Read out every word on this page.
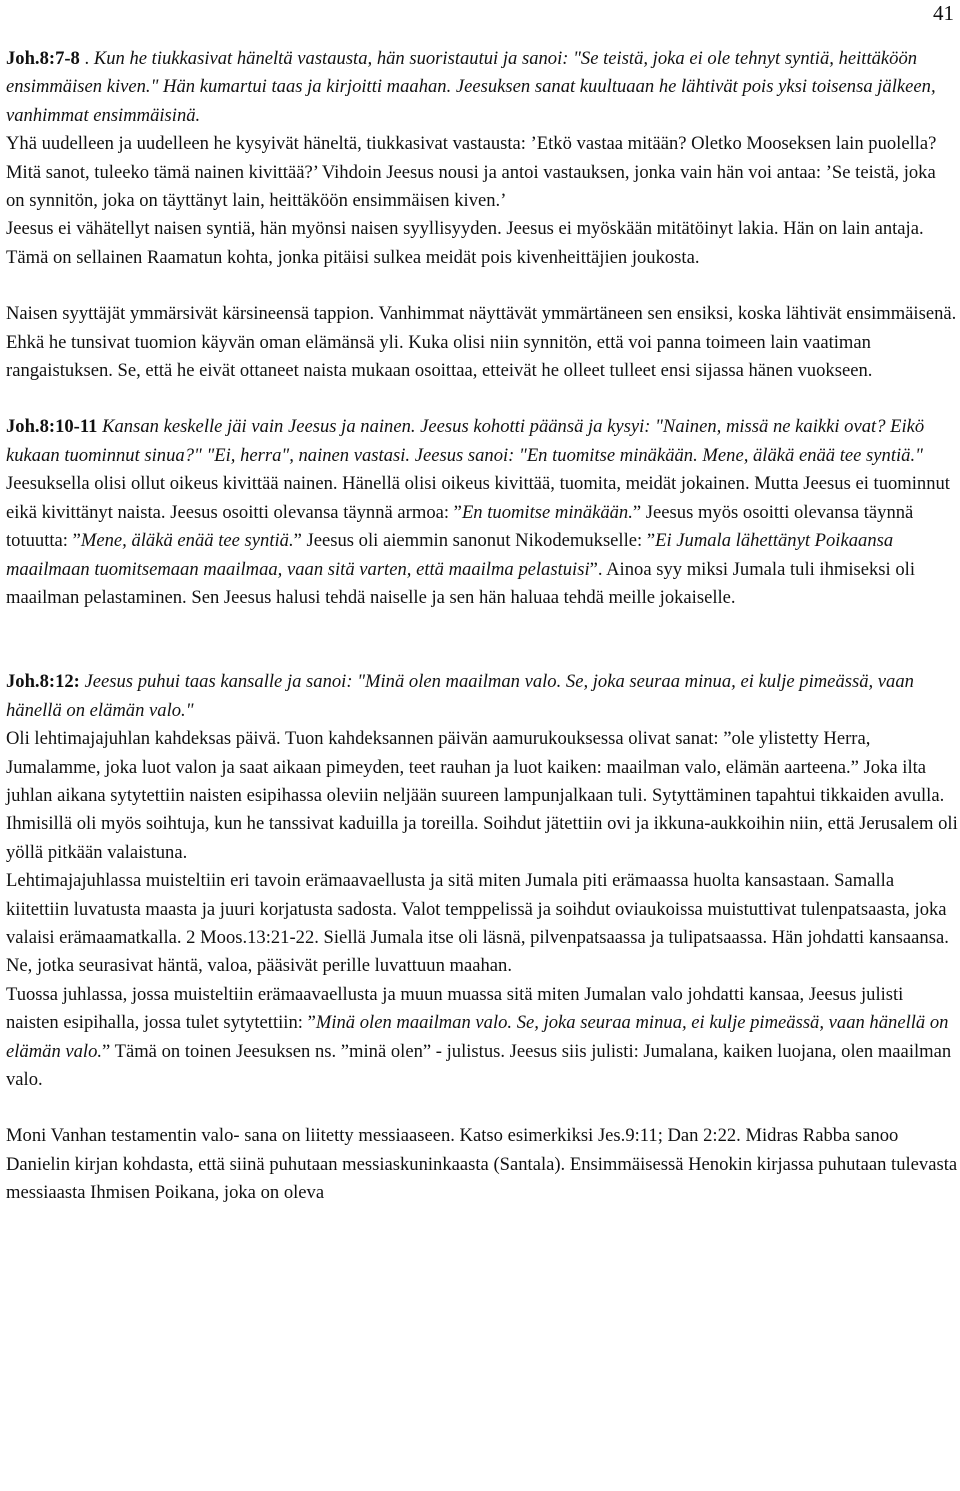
41

Joh.8:7-8 . Kun he tiukkasivat häneltä vastausta, hän suoristautui ja sanoi: "Se teistä, joka ei ole tehnyt syntiä, heittäköön ensimmäisen kiven." Hän kumartui taas ja kirjoitti maahan. Jeesuksen sanat kuultuaan he lähtivät pois yksi toisensa jälkeen, vanhimmat ensimmäisinä.

Yhä uudelleen ja uudelleen he kysyivät häneltä, tiukkasivat vastausta: ’Etkö vastaa mitään? Oletko Mooseksen lain puolella? Mitä sanot, tuleeko tämä nainen kivittää?’ Vihdoin Jeesus nousi ja antoi vastauksen, jonka vain hän voi antaa: ’Se teistä, joka on synnitön, joka on täyttänyt lain, heittäköön ensimmäisen kiven.’

Jeesus ei vähätellyt naisen syntiä, hän myönsi naisen syyllisyyden. Jeesus ei myöskään mitätöinyt lakia. Hän on lain antaja.

Tämä on sellainen Raamatun kohta, jonka pitäisi sulkea meidät pois kivenheittäjien joukosta.

Naisen syyttäjät ymmärsivät kärsineensä tappion. Vanhimmat näyttävät ymmärtäneen sen ensiksi, koska lähtivät ensimmäisenä. Ehkä he tunsivat tuomion käyvän oman elämänsä yli. Kuka olisi niin synnitön, että voi panna toimeen lain vaatiman rangaistuksen. Se, että he eivät ottaneet naista mukaan osoittaa, etteivät he olleet tulleet ensi sijassa hänen vuokseen.

Joh.8:10-11 Kansan keskelle jäi vain Jeesus ja nainen. Jeesus kohotti päänsä ja kysyi: "Nainen, missä ne kaikki ovat? Eikö kukaan tuominnut sinua?" "Ei, herra", nainen vastasi. Jeesus sanoi: "En tuomitse minäkään. Mene, äläkä enää tee syntiä."

Jeesuksella olisi ollut oikeus kivittää nainen. Hänellä olisi oikeus kivittää, tuomita, meidät jokainen. Mutta Jeesus ei tuominnut eikä kivittänyt naista. Jeesus osoitti olevansa täynnä armoa: ”En tuomitse minäkään.” Jeesus myös osoitti olevansa täynnä totuutta: ”Mene, äläkä enää tee syntiä.” Jeesus oli aiemmin sanonut Nikodemukselle: ”Ei Jumala lähettänyt Poikaansa maailmaan tuomitsemaan maailmaa, vaan sitä varten, että maailma pelastuisi”. Ainoa syy miksi Jumala tuli ihmiseksi oli maailman pelastaminen. Sen Jeesus halusi tehdä naiselle ja sen hän haluaa tehdä meille jokaiselle.

Joh.8:12: Jeesus puhui taas kansalle ja sanoi: "Minä olen maailman valo. Se, joka seuraa minua, ei kulje pimeässä, vaan hänellä on elämän valo."

Oli lehtimajajuhlan kahdeksas päivä. Tuon kahdeksannen päivän aamurukouksessa olivat sanat: ”ole ylistetty Herra, Jumalamme, joka luot valon ja saat aikaan pimeyden, teet rauhan ja luot kaiken: maailman valo, elämän aarteena.” Joka ilta juhlan aikana sytytettiin naisten esipihassa oleviin neljään suureen lampunjalkaan tuli. Sytyttäminen tapahtui tikkaiden avulla. Ihmisillä oli myös soihtuja, kun he tanssivat kaduilla ja toreilla. Soihdut jätettiin ovi ja ikkuna-aukkoihin niin, että Jerusalem oli yöllä pitkään valaistuna.

Lehtimajajuhlassa muisteltiin eri tavoin erämaavaellusta ja sitä miten Jumala piti erämaassa huolta kansastaan. Samalla kiitettiin luvatusta maasta ja juuri korjatusta sadosta. Valot temppelissä ja soihdut oviaukoissa muistuttivat tulenpatsaasta, joka valaisi erämaamatkalla. 2 Moos.13:21-22. Siellä Jumala itse oli läsnä, pilvenpatsaassa ja tulipatsaassa. Hän johdatti kansaansa. Ne, jotka seurasivat häntä, valoa, pääsivät perille luvattuun maahan.

Tuossa juhlassa, jossa muisteltiin erämaavaellusta ja muun muassa sitä miten Jumalan valo johdatti kansaa, Jeesus julisti naisten esipihalla, jossa tulet sytytettiin: ”Minä olen maailman valo. Se, joka seuraa minua, ei kulje pimeässä, vaan hänellä on elämän valo.” Tämä on toinen Jeesuksen ns. ”minä olen” - julistus. Jeesus siis julisti: Jumalana, kaiken luojana, olen maailman valo.

Moni Vanhan testamentin valo- sana on liitetty messiaaseen. Katso esimerkiksi Jes.9:11; Dan 2:22. Midras Rabba sanoo Danielin kirjan kohdasta, että siinä puhutaan messiaskuninkaasta (Santala). Ensimmäisessä Henokin kirjassa puhutaan tulevasta messiaasta Ihmisen Poikana, joka on oleva
